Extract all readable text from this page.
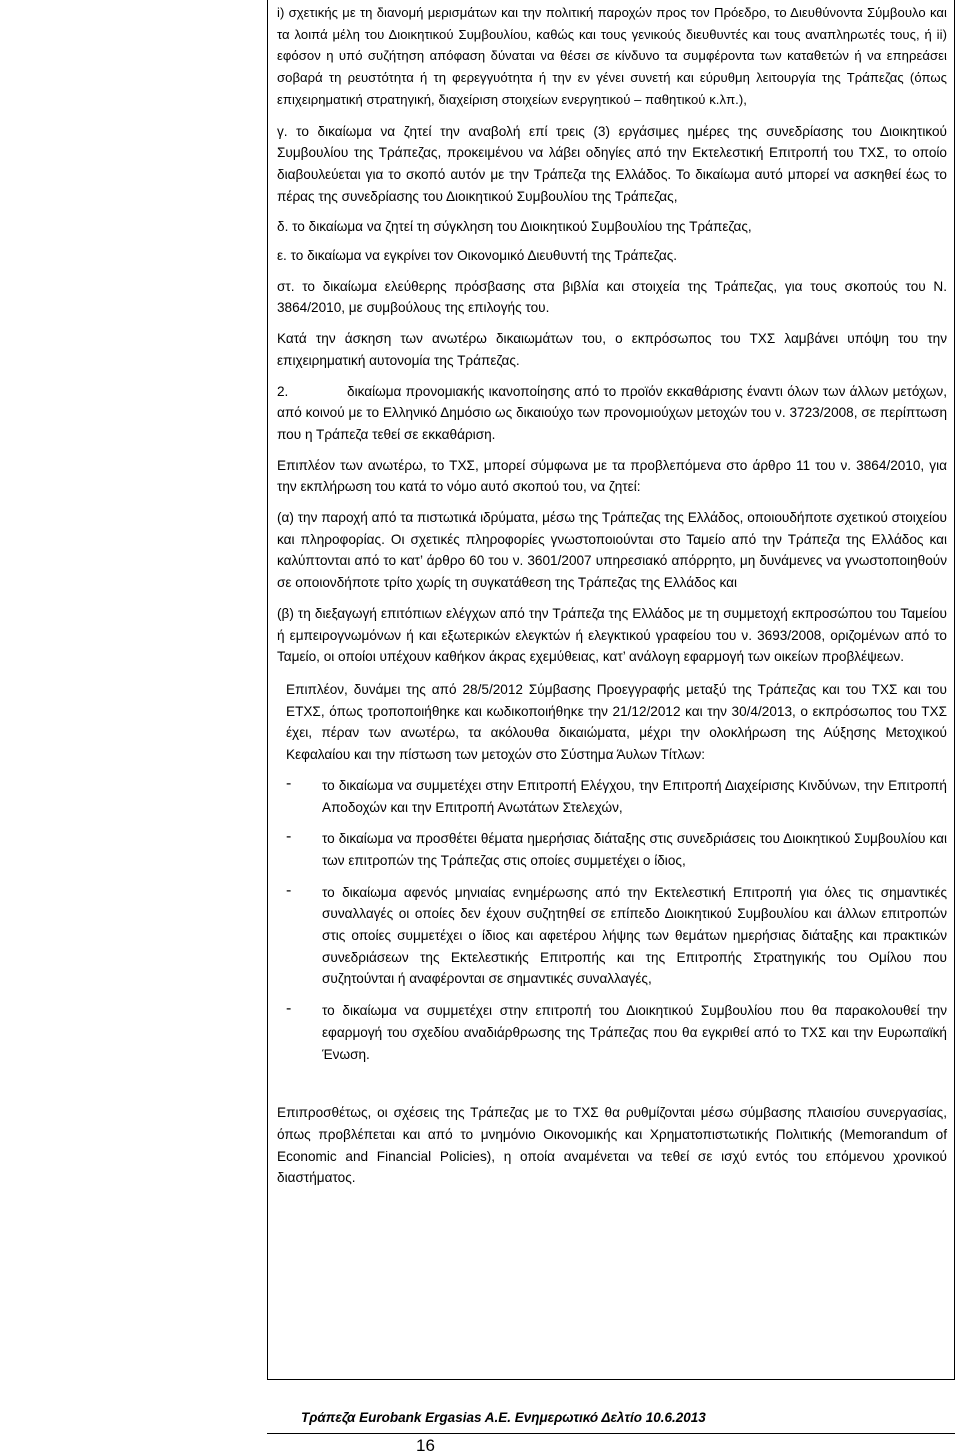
i) σχετικής με τη διανομή μερισμάτων και την πολιτική παροχών προς τον Πρόεδρο, το Διευθύνοντα Σύμβουλο και τα λοιπά μέλη του Διοικητικού Συμβουλίου, καθώς και τους γενικούς διευθυντές και τους αναπληρωτές τους, ή ii) εφόσον η υπό συζήτηση απόφαση δύναται να θέσει σε κίνδυνο τα συμφέροντα των καταθετών ή να επηρεάσει σοβαρά τη ρευστότητα ή τη φερεγγυότητα ή την εν γένει συνετή και εύρυθμη λειτουργία της Τράπεζας (όπως επιχειρηματική στρατηγική, διαχείριση στοιχείων ενεργητικού ‒ παθητικού κ.λπ.),

γ. το δικαίωμα να ζητεί την αναβολή επί τρεις (3) εργάσιμες ημέρες της συνεδρίασης του Διοικητικού Συμβουλίου της Τράπεζας, προκειμένου να λάβει οδηγίες από την Εκτελεστική Επιτροπή του ΤΧΣ, το οποίο διαβουλεύεται για το σκοπό αυτόν με την Τράπεζα της Ελλάδος. Το δικαίωμα αυτό μπορεί να ασκηθεί έως το πέρας της συνεδρίασης του Διοικητικού Συμβουλίου της Τράπεζας,

δ. το δικαίωμα να ζητεί τη σύγκληση του Διοικητικού Συμβουλίου της Τράπεζας,

ε. το δικαίωμα να εγκρίνει τον Οικονομικό Διευθυντή της Τράπεζας.

στ. το δικαίωμα ελεύθερης πρόσβασης στα βιβλία και στοιχεία της Τράπεζας, για τους σκοπούς του Ν. 3864/2010, με συμβούλους της επιλογής του.

Κατά την άσκηση των ανωτέρω δικαιωμάτων του, ο εκπρόσωπος του ΤΧΣ λαμβάνει υπόψη του την επιχειρηματική αυτονομία της Τράπεζας.

2.	δικαίωμα προνομιακής ικανοποίησης από το προϊόν εκκαθάρισης έναντι όλων των άλλων μετόχων, από κοινού με το Ελληνικό Δημόσιο ως δικαιούχο των προνομιούχων μετοχών του ν. 3723/2008, σε περίπτωση που η Τράπεζα τεθεί σε εκκαθάριση.

Επιπλέον των ανωτέρω, το ΤΧΣ, μπορεί σύμφωνα με τα προβλεπόμενα στο άρθρο 11 του ν. 3864/2010, για την εκπλήρωση του κατά το νόμο αυτό σκοπού του, να ζητεί:

(α) την παροχή από τα πιστωτικά ιδρύματα, μέσω της Τράπεζας της Ελλάδος, οποιουδήποτε σχετικού στοιχείου και πληροφορίας. Οι σχετικές πληροφορίες γνωστοποιούνται στο Ταμείο από την Τράπεζα της Ελλάδος και καλύπτονται από το κατ’ άρθρο 60 του ν. 3601/2007 υπηρεσιακό απόρρητο, μη δυνάμενες να γνωστοποιηθούν σε οποιονδήποτε τρίτο χωρίς τη συγκατάθεση της Τράπεζας της Ελλάδος και

(β) τη διεξαγωγή επιτόπιων ελέγχων από την Τράπεζα της Ελλάδος με τη συμμετοχή εκπροσώπου του Ταμείου ή εμπειρογνωμόνων ή και εξωτερικών ελεγκτών ή ελεγκτικού γραφείου του ν. 3693/2008, οριζομένων από το Ταμείο, οι οποίοι υπέχουν καθήκον άκρας εχεμύθειας, κατ’ ανάλογη εφαρμογή των οικείων προβλέψεων.

Επιπλέον, δυνάμει της από 28/5/2012 Σύμβασης Προεγγραφής μεταξύ της Τράπεζας και του ΤΧΣ και του ΕΤΧΣ, όπως τροποποιήθηκε και κωδικοποιήθηκε την 21/12/2012 και την 30/4/2013, ο εκπρόσωπος του ΤΧΣ έχει, πέραν των ανωτέρω, τα ακόλουθα δικαιώματα, μέχρι την ολοκλήρωση της Αύξησης Μετοχικού Κεφαλαίου και την πίστωση των μετοχών στο Σύστημα Άυλων Τίτλων:

-	το δικαίωμα να συμμετέχει στην Επιτροπή Ελέγχου, την Επιτροπή Διαχείρισης Κινδύνων, την Επιτροπή Αποδοχών και την Επιτροπή Ανωτάτων Στελεχών,

-	το δικαίωμα να προσθέτει θέματα ημερήσιας διάταξης στις συνεδριάσεις του Διοικητικού Συμβουλίου και των επιτροπών της Τράπεζας στις οποίες συμμετέχει ο ίδιος,

-	το δικαίωμα αφενός μηνιαίας ενημέρωσης από την Εκτελεστική Επιτροπή για όλες τις σημαντικές συναλλαγές οι οποίες δεν έχουν συζητηθεί σε επίπεδο Διοικητικού Συμβουλίου και άλλων επιτροπών στις οποίες συμμετέχει ο ίδιος και αφετέρου λήψης των θεμάτων ημερήσιας διάταξης και πρακτικών συνεδριάσεων της Εκτελεστικής Επιτροπής και της Επιτροπής Στρατηγικής του Ομίλου που συζητούνται ή αναφέρονται σε σημαντικές συναλλαγές,

-	το δικαίωμα να συμμετέχει στην επιτροπή του Διοικητικού Συμβουλίου που θα παρακολουθεί την εφαρμογή του σχεδίου αναδιάρθρωσης της Τράπεζας που θα εγκριθεί από το ΤΧΣ και την Ευρωπαϊκή Ένωση.

Επιπροσθέτως, οι σχέσεις της Τράπεζας με το ΤΧΣ θα ρυθμίζονται μέσω σύμβασης πλαισίου συνεργασίας, όπως προβλέπεται και από το μνημόνιο Οικονομικής και Χρηματοπιστωτικής Πολιτικής (Memorandum of Economic and Financial Policies), η οποία αναμένεται να τεθεί σε ισχύ εντός του επόμενου χρονικού διαστήματος.

Τράπεζα Eurobank Ergasias A.E. Ενημερωτικό Δελτίο 10.6.2013
16
